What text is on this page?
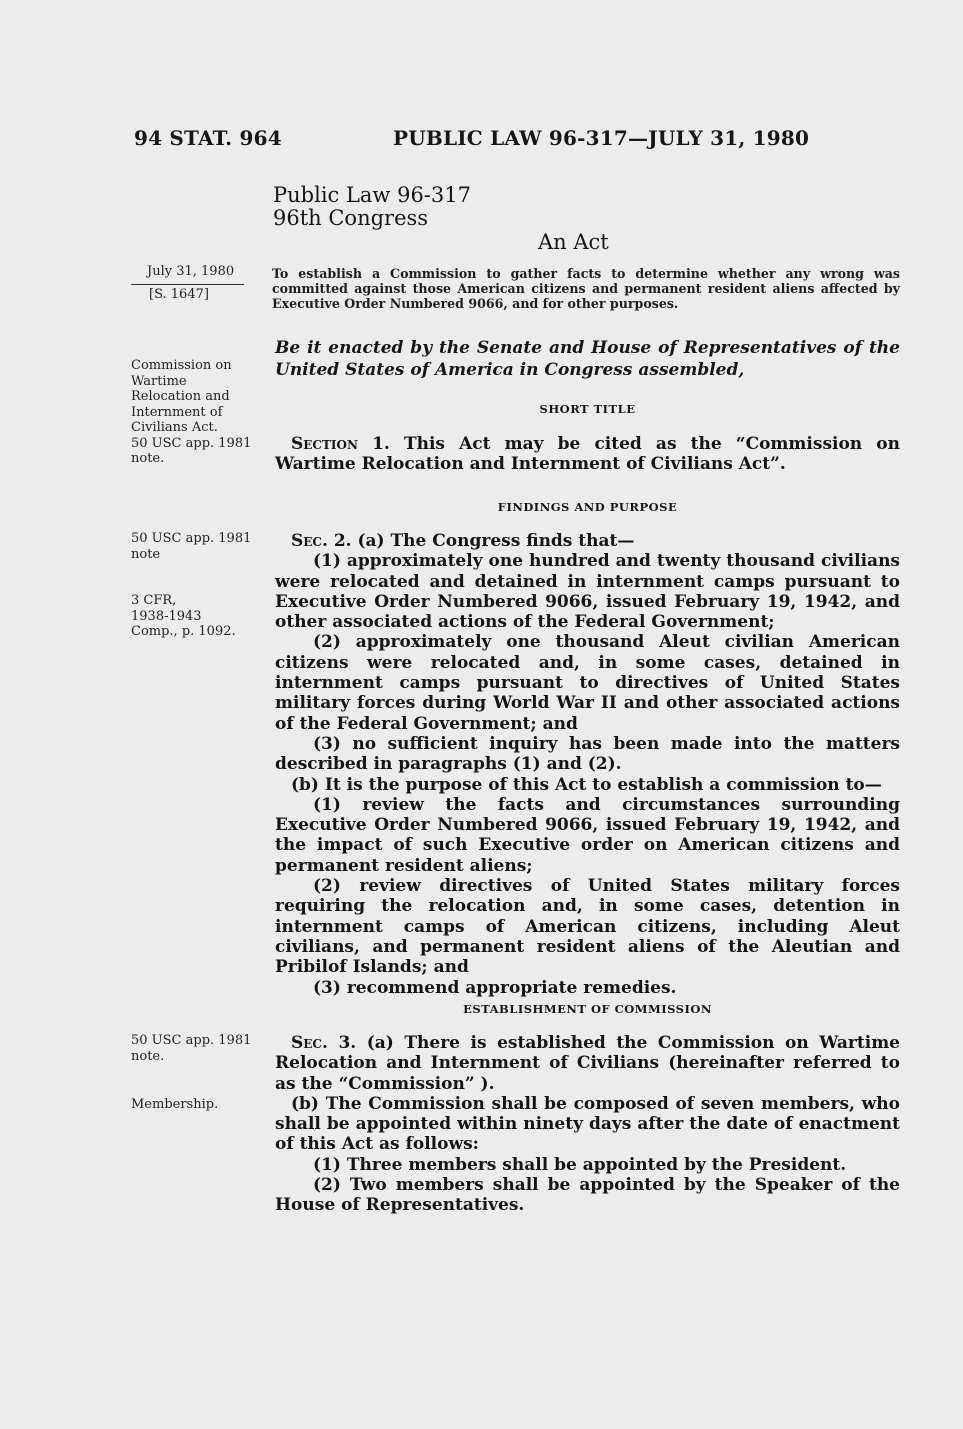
94 STAT. 964	PUBLIC LAW 96-317—JULY 31, 1980
Public Law 96-317
96th Congress
An Act
July 31, 1980
[S. 1647]
Commission on
Wartime
Relocation and
Internment of
Civilians Act.
50 USC app. 1981
note.
50 USC app. 1981
note
3 CFR,
1938-1943
Comp., p. 1092.
50 USC app. 1981
note.
Membership.
To establish a Commission to gather facts to determine whether any wrong was committed against those American citizens and permanent resident aliens affected by Executive Order Numbered 9066, and for other purposes.
Be it enacted by the Senate and House of Representatives of the United States of America in Congress assembled,
SHORT TITLE

Section 1. This Act may be cited as the “Commission on Wartime Relocation and Internment of Civilians Act”.

FINDINGS AND PURPOSE

Sec. 2. (a) The Congress finds that—

(1) approximately one hundred and twenty thousand civilians were relocated and detained in internment camps pursuant to Executive Order Numbered 9066, issued February 19, 1942, and other associated actions of the Federal Government;

(2) approximately one thousand Aleut civilian American citizens were relocated and, in some cases, detained in internment camps pursuant to directives of United States military forces during World War II and other associated actions of the Federal Government; and

(3) no sufficient inquiry has been made into the matters described in paragraphs (1) and (2).

(b) It is the purpose of this Act to establish a commission to—

(1) review the facts and circumstances surrounding Executive Order Numbered 9066, issued February 19, 1942, and the impact of such Executive order on American citizens and permanent resident aliens;

(2) review directives of United States military forces requiring the relocation and, in some cases, detention in internment camps of American citizens, including Aleut civilians, and permanent resident aliens of the Aleutian and Pribilof Islands; and

(3) recommend appropriate remedies.

ESTABLISHMENT OF COMMISSION

Sec. 3. (a) There is established the Commission on Wartime Relocation and Internment of Civilians (hereinafter referred to as the “Commission” ).

(b) The Commission shall be composed of seven members, who shall be appointed within ninety days after the date of enactment of this Act as follows:

(1) Three members shall be appointed by the President.

(2) Two members shall be appointed by the Speaker of the House of Representatives.
